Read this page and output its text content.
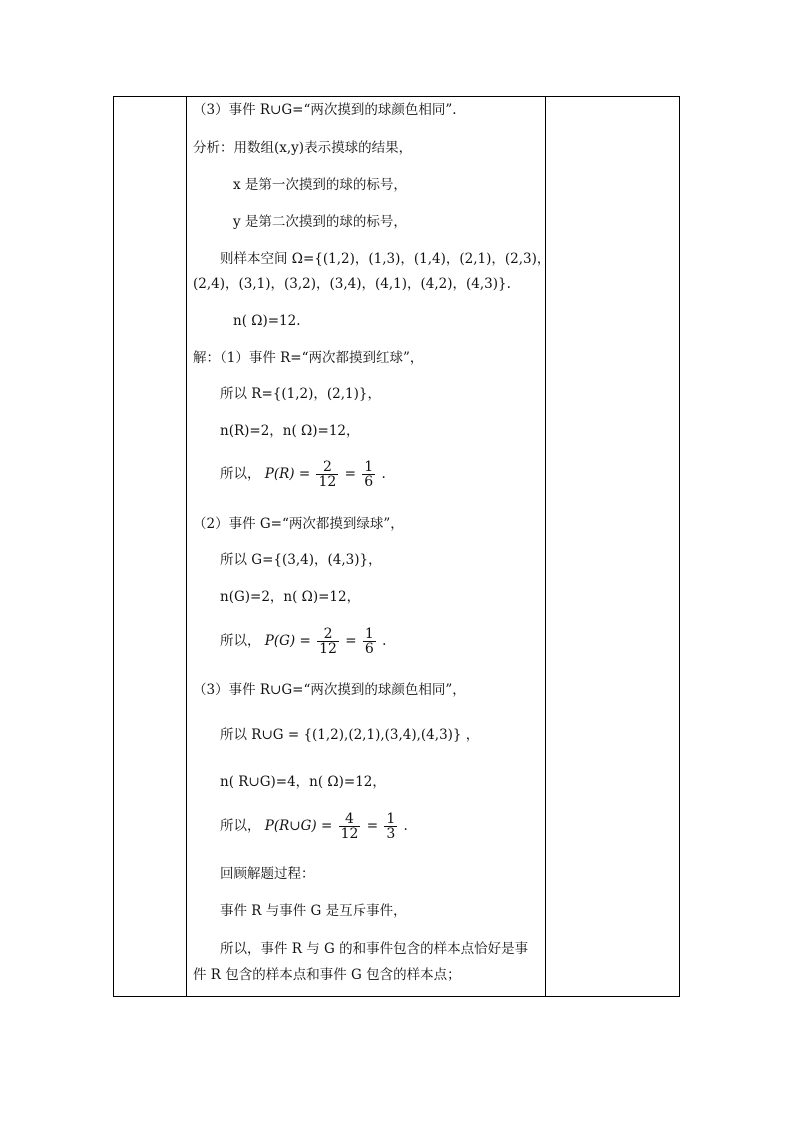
（3）事件 R∪G=“两次摸到的球颜色相同”.
分析：用数组(x,y)表示摸球的结果，
x 是第一次摸到的球的标号，
y 是第二次摸到的球的标号，
则样本空间 Ω={(1,2)，(1,3)，(1,4)，(2,1)，(2,3)，
(2,4)，(3,1)，(3,2)，(3,4)，(4,1)，(4,2)，(4,3)}.
n( Ω)=12.
解：（1）事件 R=“两次都摸到红球”，
所以 R={(1,2)，(2,1)}，
n(R)=2，n( Ω)=12，
所以， $P(R) = \frac{2}{12} = \frac{1}{6}$ .
（2）事件 G=“两次都摸到绿球”，
所以 G={(3,4)，(4,3)}，
n(G)=2，n( Ω)=12，
所以， $P(G) = \frac{2}{12} = \frac{1}{6}$ .
（3）事件 R∪G=“两次摸到的球颜色相同”，
所以 R∪G = {(1,2),(2,1),(3,4),(4,3)} ，
n( R∪G)=4，n( Ω)=12，
所以， P(R∪G) = $\frac{4}{12} = \frac{1}{3}$ .
回顾解题过程：
事件 R 与事件 G 是互斥事件，
所以，事件 R 与 G 的和事件包含的样本点恰好是事
件 R 包含的样本点和事件 G 包含的样本点；
